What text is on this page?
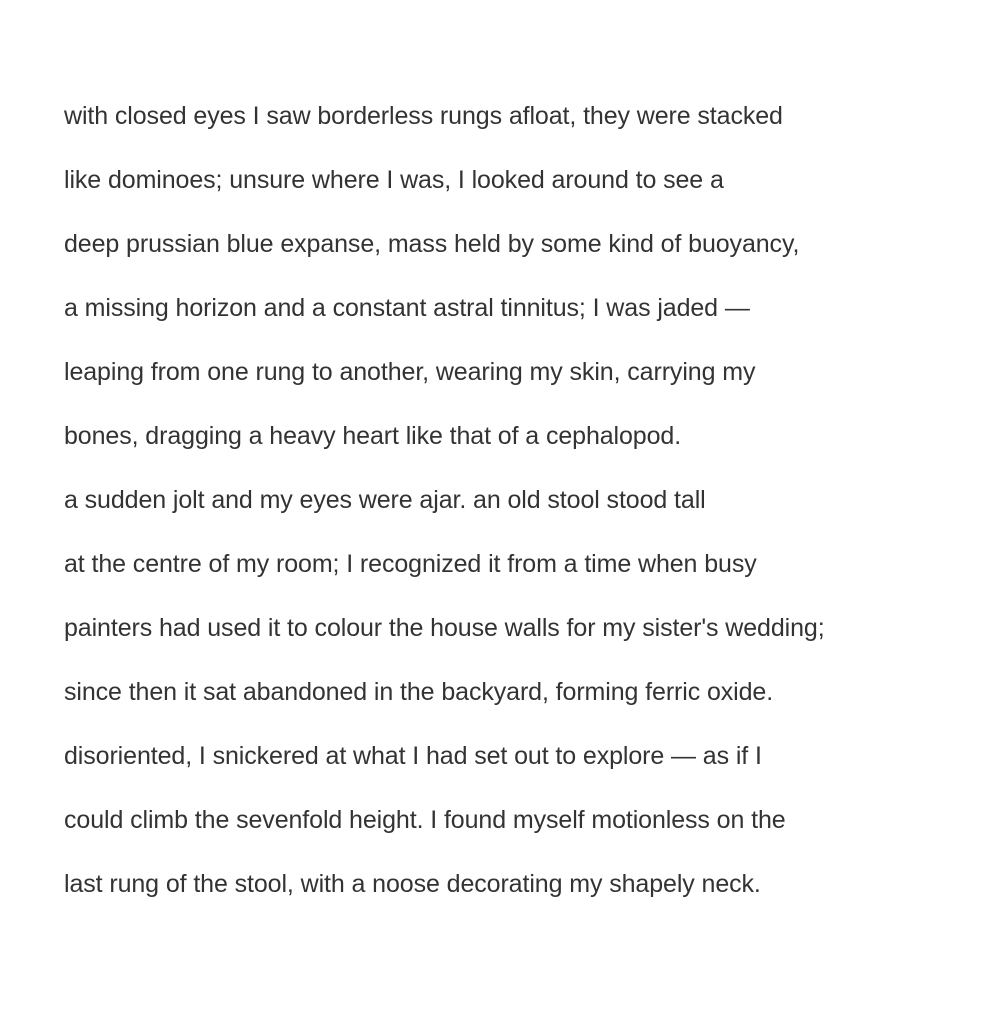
with closed eyes I saw borderless rungs afloat, they were stacked
like dominoes; unsure where I was, I looked around to see a
deep prussian blue expanse, mass held by some kind of buoyancy,
a missing horizon and a constant astral tinnitus; I was jaded —
leaping from one rung to another, wearing my skin, carrying my
bones, dragging a heavy heart like that of a cephalopod.
a sudden jolt and my eyes were ajar. an old stool stood tall
at the centre of my room; I recognized it from a time when busy
painters had used it to colour the house walls for my sister's wedding;
since then it sat abandoned in the backyard, forming ferric oxide.
disoriented, I snickered at what I had set out to explore — as if I
could climb the sevenfold height. I found myself motionless on the
last rung of the stool, with a noose decorating my shapely neck.
